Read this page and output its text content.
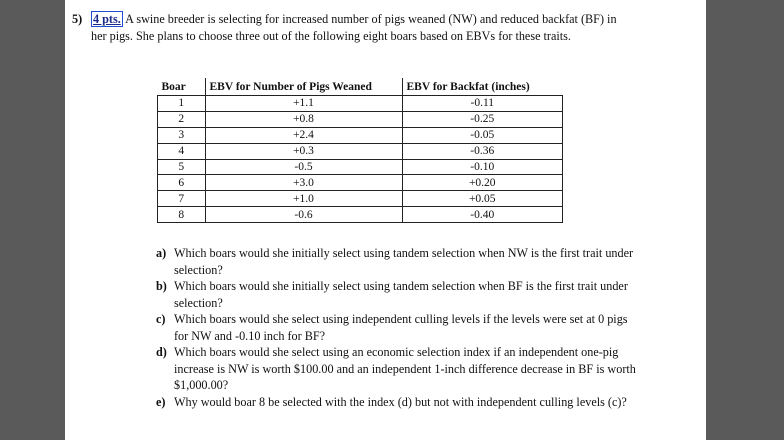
5) 4 pts. A swine breeder is selecting for increased number of pigs weaned (NW) and reduced backfat (BF) in her pigs. She plans to choose three out of the following eight boars based on EBVs for these traits.
Boar	EBV for Number of Pigs Weaned	EBV for Backfat (inches)
1	+1.1	-0.11
2	+0.8	-0.25
3	+2.4	-0.05
4	+0.3	-0.36
5	-0.5	-0.10
6	+3.0	+0.20
7	+1.0	+0.05
8	-0.6	-0.40
a) Which boars would she initially select using tandem selection when NW is the first trait under selection?
b) Which boars would she initially select using tandem selection when BF is the first trait under selection?
c) Which boars would she select using independent culling levels if the levels were set at 0 pigs for NW and -0.10 inch for BF?
d) Which boars would she select using an economic selection index if an independent one-pig increase is NW is worth $100.00 and an independent 1-inch difference decrease in BF is worth $1,000.00?
e) Why would boar 8 be selected with the index (d) but not with independent culling levels (c)?
